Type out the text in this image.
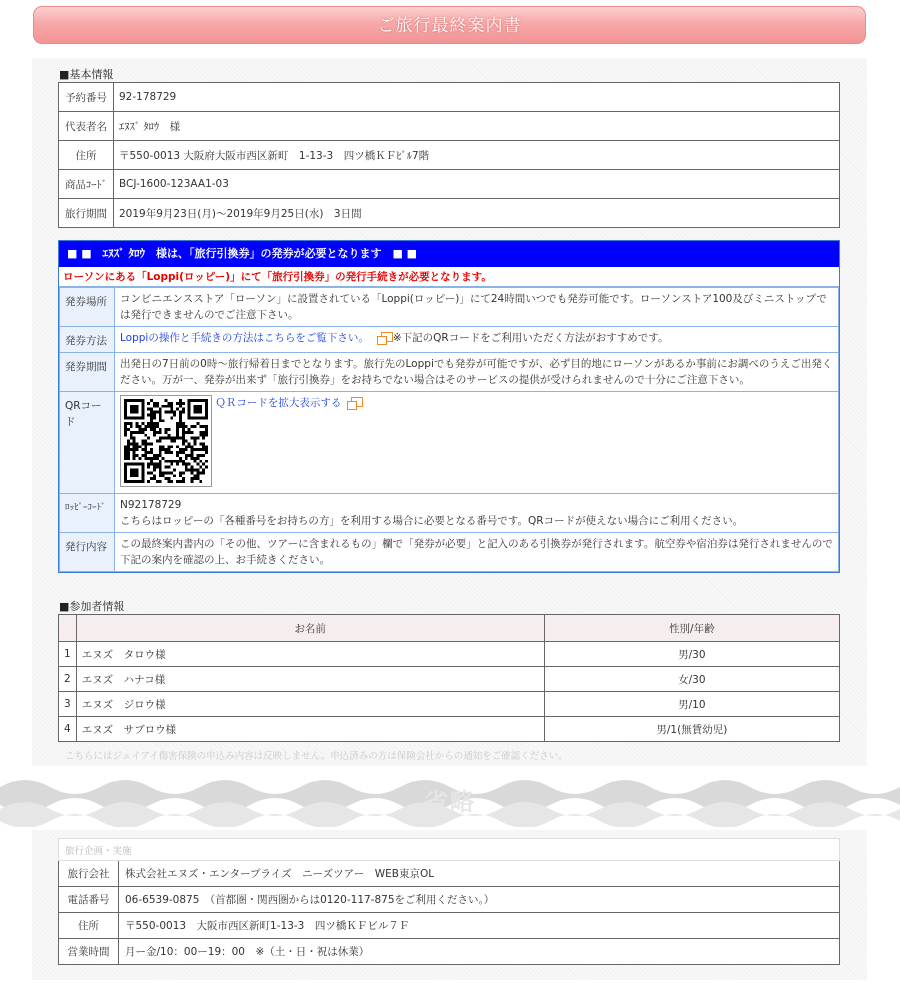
ご旅行最終案内書
■基本情報
予約番号	92-178729
代表者名	ｴﾇｽﾞ ﾀﾛｳ　様
住所	〒550-0013 大阪府大阪市西区新町　1-13-3　四ツ橋ＫＦﾋﾞﾙ7階
商品ｺｰﾄﾞ	BCJ-1600-123AA1-03
旅行期間	2019年9月23日(月)～2019年9月25日(水)　3日間
■ ■　ｴﾇｽﾞ ﾀﾛｳ　様は、「旅行引換券」の発券が必要となります　■ ■
ローソンにある「Loppi(ロッピー)」にて「旅行引換券」の発行手続きが必要となります。
発券場所	コンビニエンスストア「ローソン」に設置されている「Loppi(ロッピー)」にて24時間いつでも発券可能です。ローソンストア100及びミニストップでは発行できませんのでご注意下さい。
発券方法	Loppiの操作と手続きの方法はこちらをご覧下さい。 ※下記のQRコードをご利用いただく方法がおすすめです。
発券期間	出発日の7日前の0時～旅行帰着日までとなります。旅行先のLoppiでも発券が可能ですが、必ず目的地にローソンがあるか事前にお調べのうえご出発ください。万が一、発券が出来ず「旅行引換券」をお持ちでない場合はそのサービスの提供が受けられませんので十分にご注意下さい。
QRコード	ＱＲコードを拡大表示する
ﾛｯﾋﾟｰｺｰﾄﾞ	N92178729
こちらはロッピーの「各種番号をお持ちの方」を利用する場合に必要となる番号です。QRコードが使えない場合にご利用ください。

発行内容	この最終案内書内の「その他、ツアーに含まれるもの」欄で「発券が必要」と記入のある引換券が発行されます。航空券や宿泊券は発行されませんので下記の案内を確認の上、お手続きください。
■参加者情報
	お名前	性別/年齢
1	エヌズ　タロウ様	男/30
2	エヌズ　ハナコ様	女/30
3	エヌズ　ジロウ様	男/10
4	エヌズ　サブロウ様	男/1(無賃幼児)
こちらにはジェイアイ傷害保険の申込み内容は反映しません。申込済みの方は保険会社からの通知をご確認ください。
省略
旅行企画・実施	
旅行会社	株式会社エヌズ・エンタープライズ　ニーズツアー　WEB東京OL
電話番号	06-6539-0875　（首都圏・関西圏からは0120-117-875をご利用ください。）
住所	〒550-0013　大阪市西区新町1-13-3　四ツ橋ＫＦビル７Ｆ
営業時間	月ー金/10：00ー19：00　※（土・日・祝は休業）
